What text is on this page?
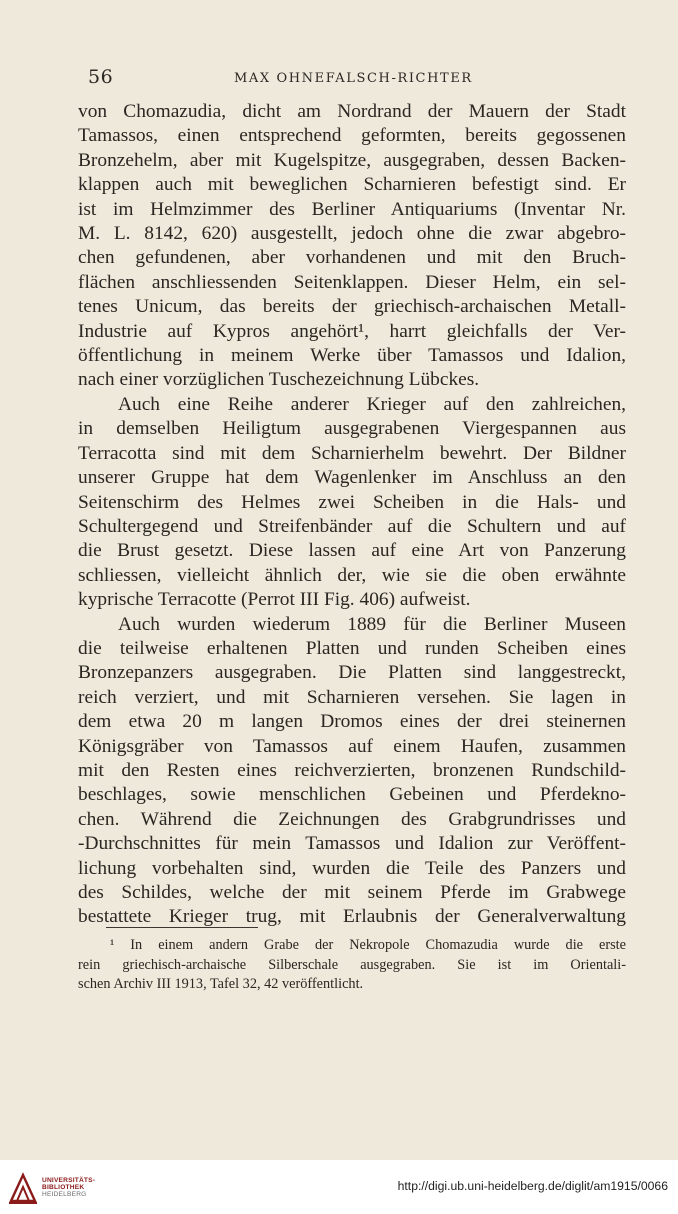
56	MAX OHNEFALSCH-RICHTER
von Chomazudia, dicht am Nordrand der Mauern der Stadt
Tamassos, einen entsprechend geformten, bereits gegossenen
Bronzehelm, aber mit Kugelspitze, ausgegraben, dessen Backen-
klappen auch mit beweglichen Scharnieren befestigt sind. Er
ist im Helmzimmer des Berliner Antiquariums (Inventar Nr.
M. L. 8142, 620) ausgestellt, jedoch ohne die zwar abgebro-
chen gefundenen, aber vorhandenen und mit den Bruch-
flächen anschliessenden Seitenklappen. Dieser Helm, ein sel-
tenes Unicum, das bereits der griechisch-archaischen Metall-
Industrie auf Kypros angehört¹, harrt gleichfalls der Ver-
öffentlichung in meinem Werke über Tamassos und Idalion,
nach einer vorzüglichen Tuschezeichnung Lübckes.
Auch eine Reihe anderer Krieger auf den zahlreichen,
in demselben Heiligtum ausgegrabenen Viergespannen aus
Terracotta sind mit dem Scharnierhelm bewehrt. Der Bildner
unserer Gruppe hat dem Wagenlenker im Anschluss an den
Seitenschirm des Helmes zwei Scheiben in die Hals- und
Schultergegend und Streifenbänder auf die Schultern und auf
die Brust gesetzt. Diese lassen auf eine Art von Panzerung
schliessen, vielleicht ähnlich der, wie sie die oben erwähnte
kyprische Terracotte (Perrot III Fig. 406) aufweist.
Auch wurden wiederum 1889 für die Berliner Museen
die teilweise erhaltenen Platten und runden Scheiben eines
Bronzepanzers ausgegraben. Die Platten sind langgestreckt,
reich verziert, und mit Scharnieren versehen. Sie lagen in
dem etwa 20 m langen Dromos eines der drei steinernen
Königsgräber von Tamassos auf einem Haufen, zusammen
mit den Resten eines reichverzierten, bronzenen Rundschild-
beschlages, sowie menschlichen Gebeinen und Pferdekno-
chen. Während die Zeichnungen des Grabgrundrisses und
-Durchschnittes für mein Tamassos und Idalion zur Veröffent-
lichung vorbehalten sind, wurden die Teile des Panzers und
des Schildes, welche der mit seinem Pferde im Grabwege
bestattete Krieger trug, mit Erlaubnis der Generalverwaltung
¹ In einem andern Grabe der Nekropole Chomazudia wurde die erste
rein griechisch-archaische Silberschale ausgegraben. Sie ist im Orientali-
schen Archiv III 1913, Tafel 32, 42 veröffentlicht.
UNIVERSITÄTS-
BIBLIOTHEK
HEIDELBERG
http://digi.ub.uni-heidelberg.de/diglit/am1915/0066
